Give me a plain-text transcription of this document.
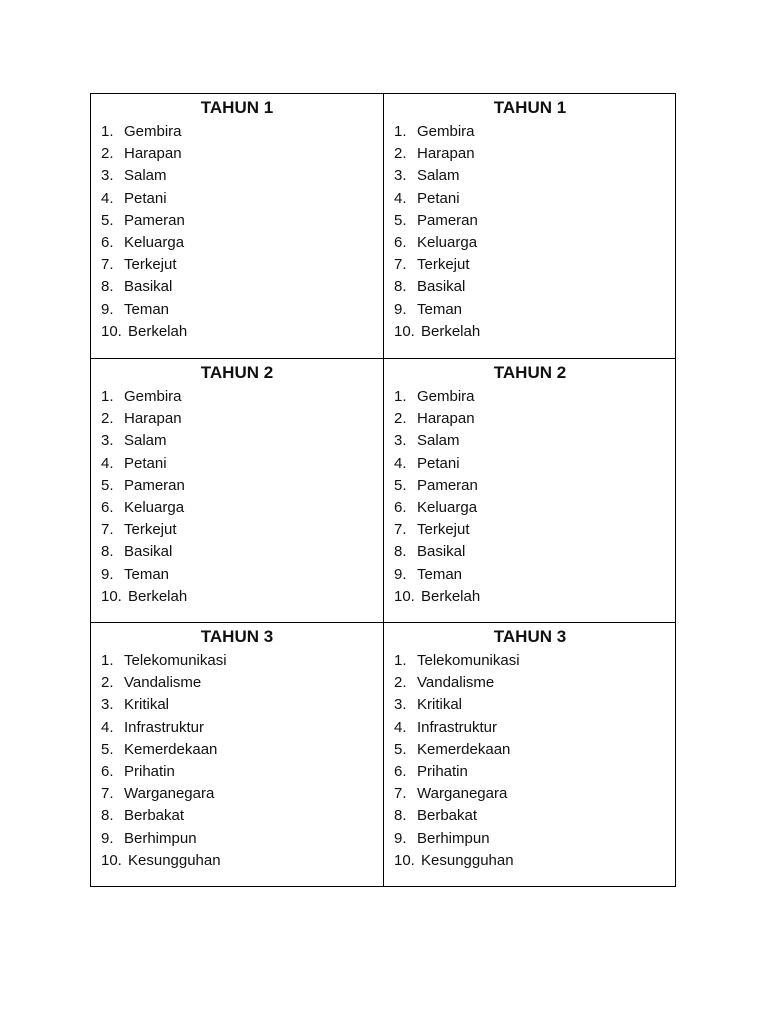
TAHUN 1
1. Gembira
2. Harapan
3. Salam
4. Petani
5. Pameran
6. Keluarga
7. Terkejut
8. Basikal
9. Teman
10. Berkelah
TAHUN 1
1. Gembira
2. Harapan
3. Salam
4. Petani
5. Pameran
6. Keluarga
7. Terkejut
8. Basikal
9. Teman
10. Berkelah
TAHUN 2
1. Gembira
2. Harapan
3. Salam
4. Petani
5. Pameran
6. Keluarga
7. Terkejut
8. Basikal
9. Teman
10. Berkelah
TAHUN 2
1. Gembira
2. Harapan
3. Salam
4. Petani
5. Pameran
6. Keluarga
7. Terkejut
8. Basikal
9. Teman
10. Berkelah
TAHUN 3
1. Telekomunikasi
2. Vandalisme
3. Kritikal
4. Infrastruktur
5. Kemerdekaan
6. Prihatin
7. Warganegara
8. Berbakat
9. Berhimpun
10. Kesungguhan
TAHUN 3
1. Telekomunikasi
2. Vandalisme
3. Kritikal
4. Infrastruktur
5. Kemerdekaan
6. Prihatin
7. Warganegara
8. Berbakat
9. Berhimpun
10. Kesungguhan
